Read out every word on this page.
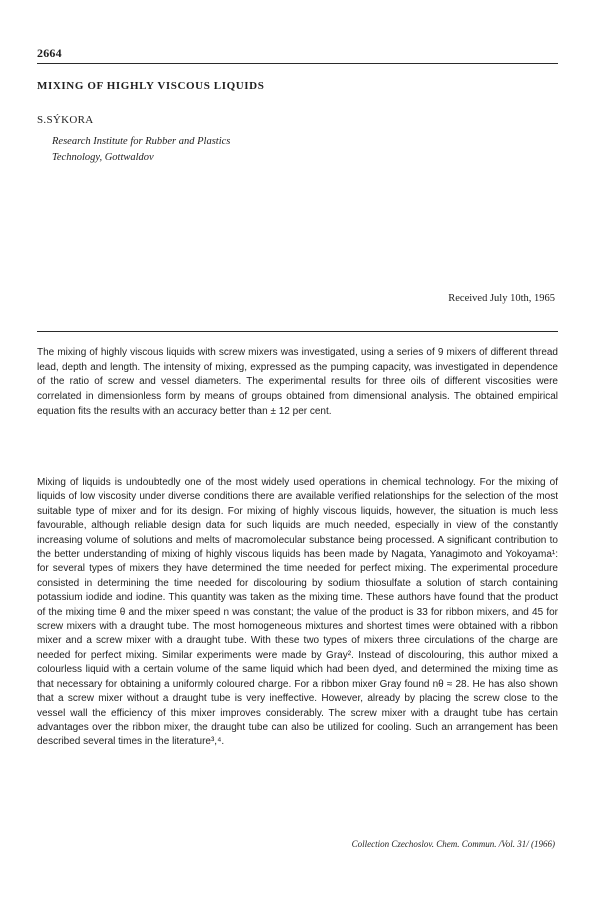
2664
MIXING OF HIGHLY VISCOUS LIQUIDS
S.SÝKORA
Research Institute for Rubber and Plastics
Technology, Gottwaldov
Received July 10th, 1965

The mixing of highly viscous liquids with screw mixers was investigated, using a series of 9 mixers of different thread lead, depth and length. The intensity of mixing, expressed as the pumping capacity, was investigated in dependence of the ratio of screw and vessel diameters. The experimental results for three oils of different viscosities were correlated in dimensionless form by means of groups obtained from dimensional analysis. The obtained empirical equation fits the results with an accuracy better than ± 12 per cent.

Mixing of liquids is undoubtedly one of the most widely used operations in chemical technology. For the mixing of liquids of low viscosity under diverse conditions there are available verified relationships for the selection of the most suitable type of mixer and for its design. For mixing of highly viscous liquids, however, the situation is much less favourable, although reliable design data for such liquids are much needed, especially in view of the constantly increasing volume of solutions and melts of macromolecular substance being processed. A significant contribution to the better understanding of mixing of highly viscous liquids has been made by Nagata, Yanagimoto and Yokoyama¹: for several types of mixers they have determined the time needed for perfect mixing. The experimental procedure consisted in determining the time needed for discolouring by sodium thiosulfate a solution of starch containing potassium iodide and iodine. This quantity was taken as the mixing time. These authors have found that the product of the mixing time θ and the mixer speed n was constant; the value of the product is 33 for ribbon mixers, and 45 for screw mixers with a draught tube. The most homogeneous mixtures and shortest times were obtained with a ribbon mixer and a screw mixer with a draught tube. With these two types of mixers three circulations of the charge are needed for perfect mixing. Similar experiments were made by Gray². Instead of discolouring, this author mixed a colourless liquid with a certain volume of the same liquid which had been dyed, and determined the mixing time as that necessary for obtaining a uniformly coloured charge. For a ribbon mixer Gray found nθ ≈ 28. He has also shown that a screw mixer without a draught tube is very ineffective. However, already by placing the screw close to the vessel wall the efficiency of this mixer improves considerably. The screw mixer with a draught tube has certain advantages over the ribbon mixer, the draught tube can also be utilized for cooling. Such an arrangement has been described several times in the literature³,⁴.

Collection Czechoslov. Chem. Commun. /Vol. 31/ (1966)
